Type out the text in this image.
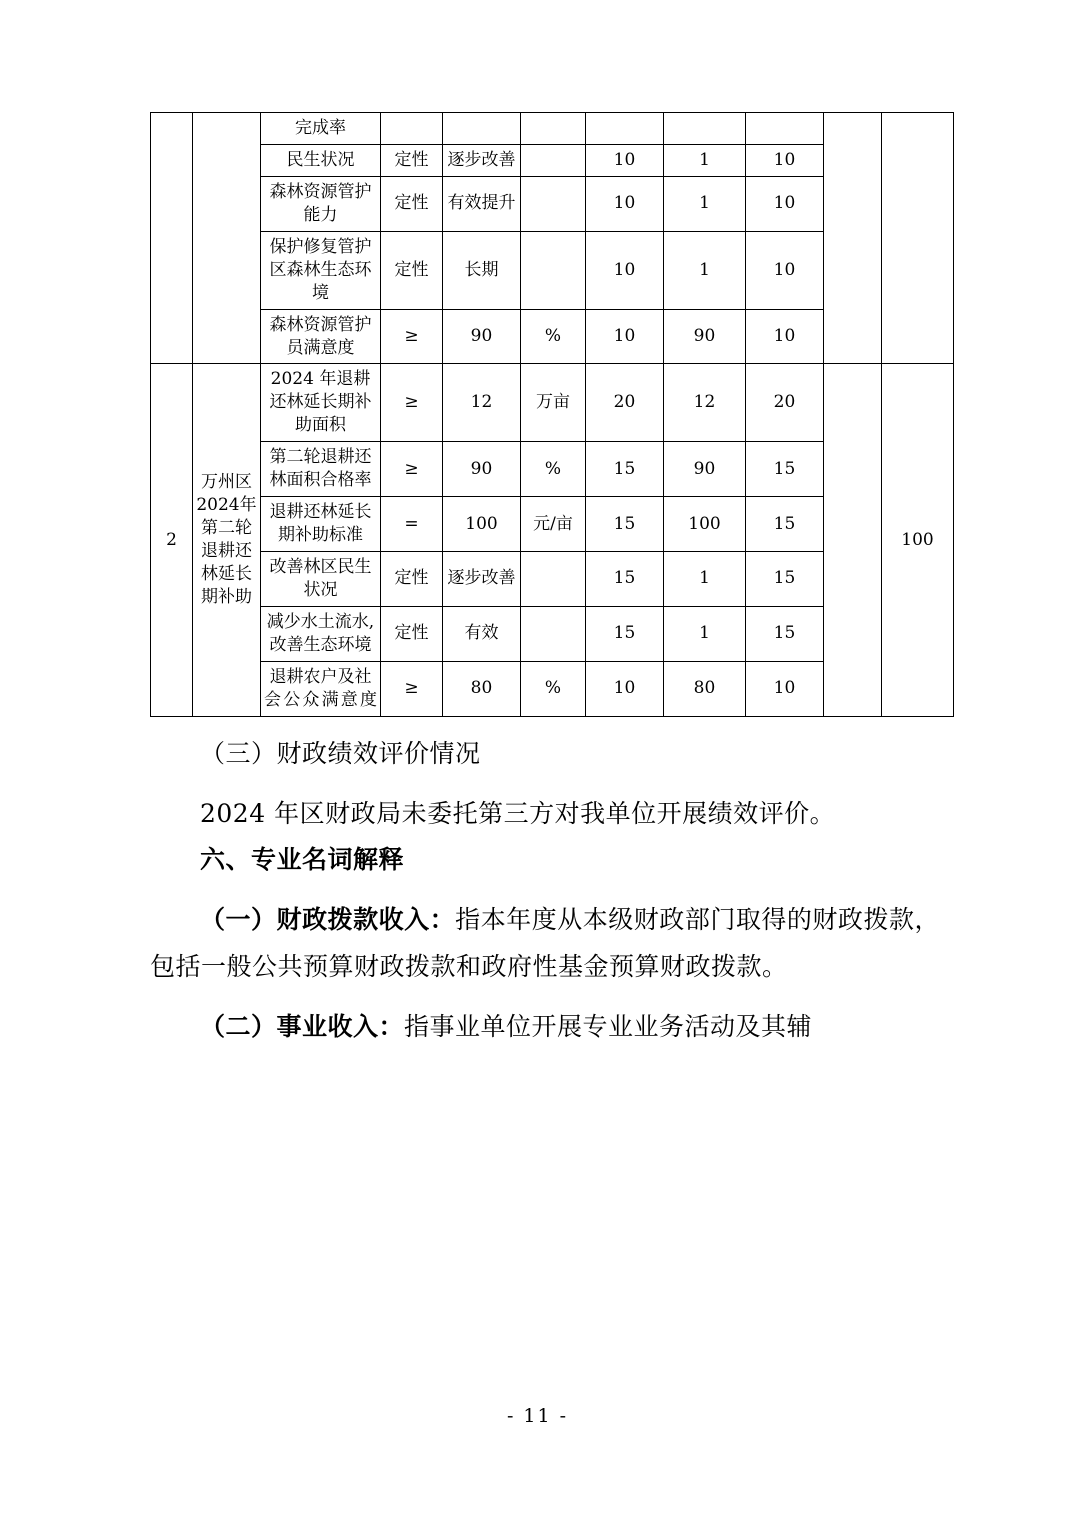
		完成率								
		民生状况	定性	逐步改善		10	1	10		
		森林资源管护能力	定性	有效提升		10	1	10		
		保护修复管护区森林生态环境	定性	长期		10	1	10		
		森林资源管护员满意度	≥	90	%	10	90	10		
2	万州区2024年第二轮退耕还林延长期补助	2024 年退耕还林延长期补助面积	≥	12	万亩	20	12	20		100
		第二轮退耕还林面积合格率	≥	90	%	15	90	15		
		退耕还林延长期补助标准	=	100	元/亩	15	100	15		
		改善林区民生状况	定性	逐步改善		15	1	15		
		减少水土流水,改善生态环境	定性	有效		15	1	15		
		退耕农户及社会公众满意度	≥	80	%	10	80	10		

（三）财政绩效评价情况

2024 年区财政局未委托第三方对我单位开展绩效评价。

六、专业名词解释

（一）财政拨款收入：指本年度从本级财政部门取得的财政拨款，包括一般公共预算财政拨款和政府性基金预算财政拨款。

（二）事业收入：指事业单位开展专业业务活动及其辅

- 11 -
